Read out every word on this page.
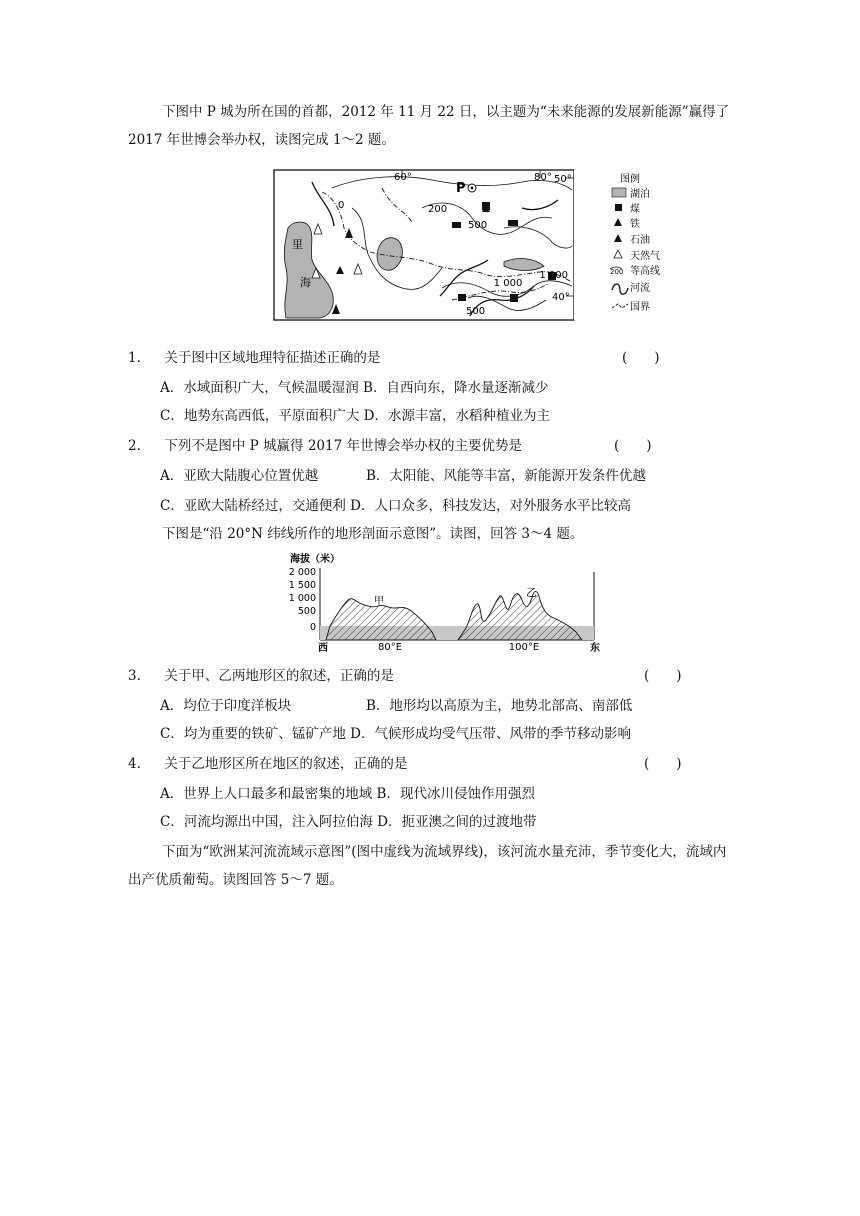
下图中 P 城为所在国的首都，2012 年 11 月 22 日，以主题为“未来能源的发展新能源”赢得了 2017 年世博会举办权，读图完成 1～2 题。
60°	80° 50°
40°
P
200
500
500
1 000
1 000
0
里
海
图例
湖泊
煤
铁
石油
天然气
200 等高线
河流
国界
1． 关于图中区域地理特征描述正确的是	(　　)
A．水域面积广大，气候温暖湿润 B．自西向东，降水量逐渐减少
C．地势东高西低，平原面积广大 D．水源丰富，水稻种植业为主
2． 下列不是图中 P 城赢得 2017 年世博会举办权的主要优势是	(　　)
A．亚欧大陆腹心位置优越	B．太阳能、风能等丰富，新能源开发条件优越
C．亚欧大陆桥经过，交通便利 D．人口众多，科技发达，对外服务水平比较高
下图是“沿 20°N 纬线所作的地形剖面示意图”。读图，回答 3～4 题。
海拔（米）
2 000
1 500
1 000
500
0
甲
乙
西	80°E	100°E	东
3． 关于甲、乙两地形区的叙述，正确的是	(　　)
A．均位于印度洋板块	B．地形均以高原为主，地势北部高、南部低
C．均为重要的铁矿、锰矿产地 D．气候形成均受气压带、风带的季节移动影响
4． 关于乙地形区所在地区的叙述，正确的是	(　　)
A．世界上人口最多和最密集的地域 B．现代冰川侵蚀作用强烈
C．河流均源出中国，注入阿拉伯海 D．扼亚澳之间的过渡地带
下面为“欧洲某河流流域示意图”(图中虚线为流域界线)，该河流水量充沛，季节变化大，流域内出产优质葡萄。读图回答 5～7 题。
